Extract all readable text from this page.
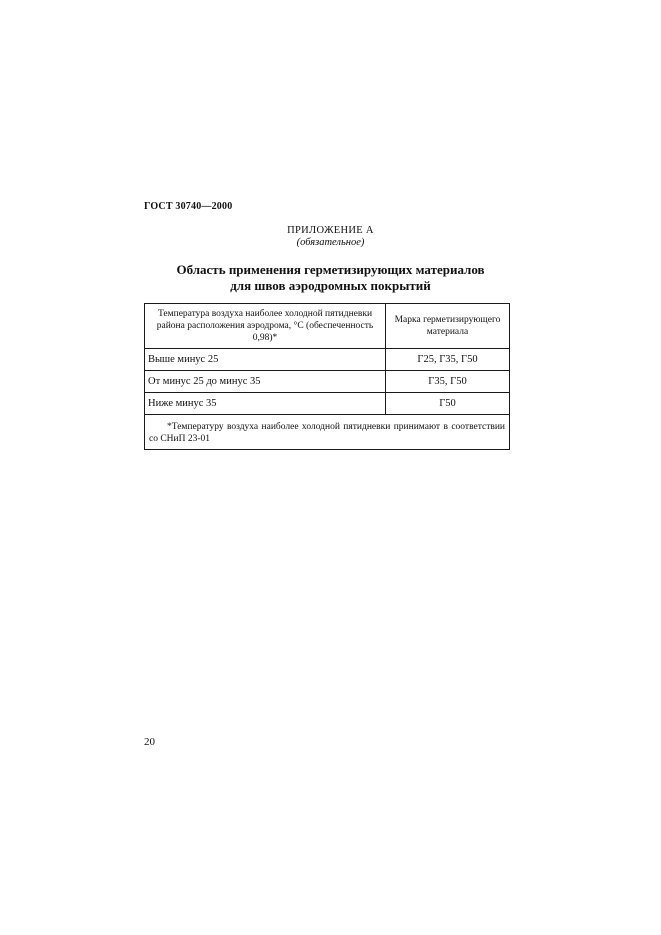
ГОСТ 30740—2000
ПРИЛОЖЕНИЕ А
(обязательное)
Область применения герметизирующих материалов
для швов аэродромных покрытий
Температура воздуха наиболее холодной пятидневки района расположения аэродрома, °С (обеспеченность 0,98)*	Марка герметизирующего материала
Выше минус 25	Г25, Г35, Г50
От минус 25 до минус 35	Г35, Г50
Ниже минус 35	Г50
*Температуру воздуха наиболее холодной пятидневки принимают в соответствии со СНиП 23-01	
20
